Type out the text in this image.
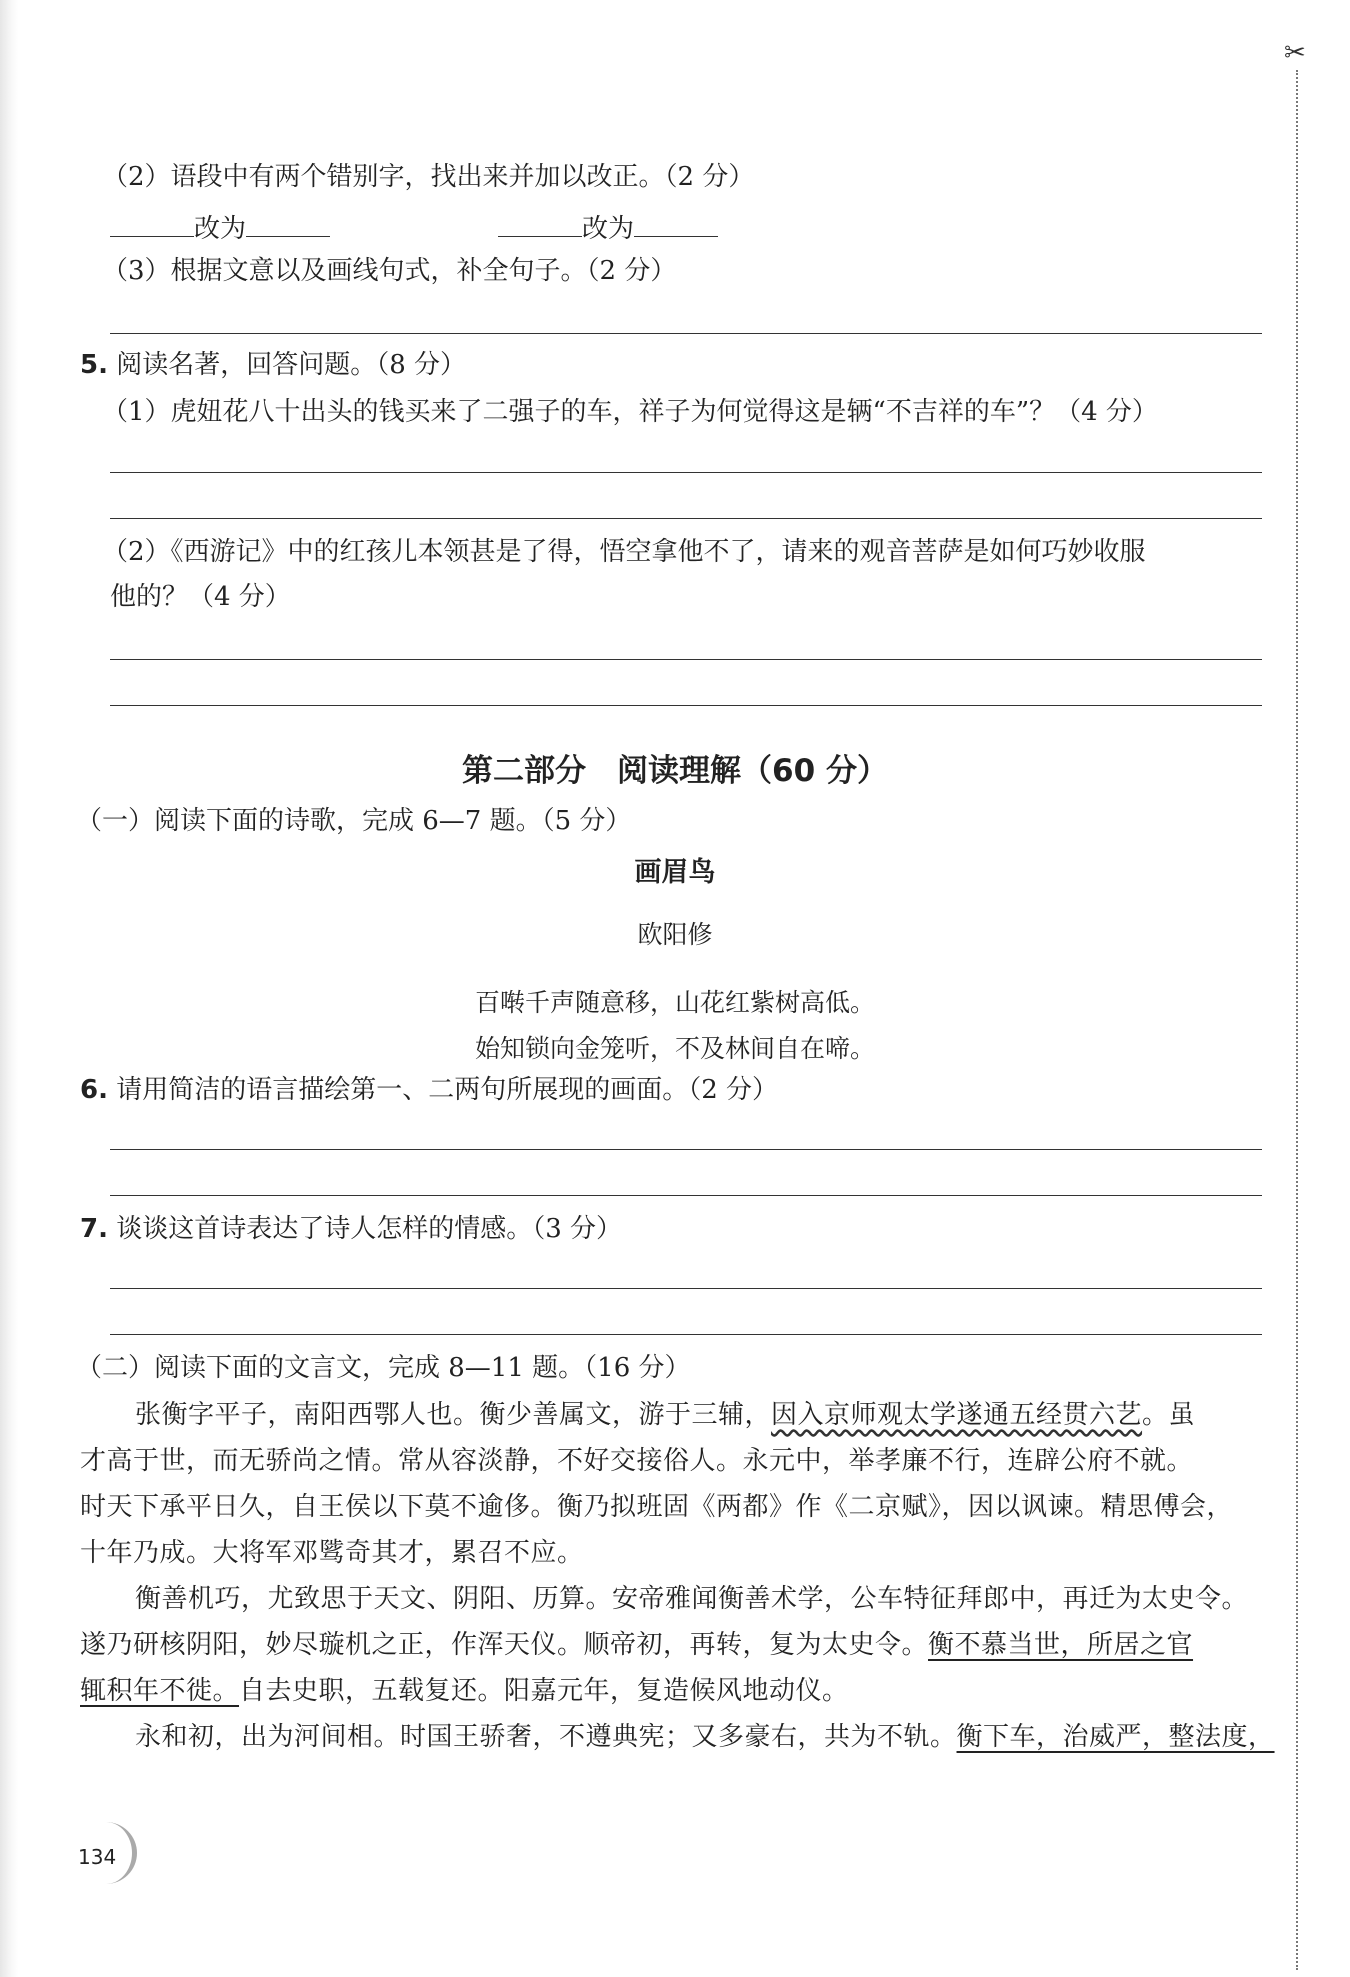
✂
（2）语段中有两个错别字，找出来并加以改正。（2 分）
改为	改为
（3）根据文意以及画线句式，补全句子。（2 分）
5. 阅读名著，回答问题。（8 分）
（1）虎妞花八十出头的钱买来了二强子的车，祥子为何觉得这是辆“不吉祥的车”？（4 分）
（2）《西游记》中的红孩儿本领甚是了得，悟空拿他不了，请来的观音菩萨是如何巧妙收服
他的？（4 分）
第二部分　阅读理解（60 分）
（一）阅读下面的诗歌，完成 6—7 题。（5 分）
画眉鸟
欧阳修
百啭千声随意移，山花红紫树高低。
始知锁向金笼听，不及林间自在啼。
6. 请用简洁的语言描绘第一、二两句所展现的画面。（2 分）
7. 谈谈这首诗表达了诗人怎样的情感。（3 分）
（二）阅读下面的文言文，完成 8—11 题。（16 分）
张衡字平子，南阳西鄂人也。衡少善属文，游于三辅，因入京师观太学遂通五经贯六艺。虽
才高于世，而无骄尚之情。常从容淡静，不好交接俗人。永元中，举孝廉不行，连辟公府不就。
时天下承平日久，自王侯以下莫不逾侈。衡乃拟班固《两都》作《二京赋》，因以讽谏。精思傅会，
十年乃成。大将军邓骘奇其才，累召不应。
衡善机巧，尤致思于天文、阴阳、历算。安帝雅闻衡善术学，公车特征拜郎中，再迁为太史令。
遂乃研核阴阳，妙尽璇机之正，作浑天仪。顺帝初，再转，复为太史令。衡不慕当世，所居之官
辄积年不徙。自去史职，五载复还。阳嘉元年，复造候风地动仪。
永和初，出为河间相。时国王骄奢，不遵典宪；又多豪右，共为不轨。衡下车，治威严，整法度，
134
